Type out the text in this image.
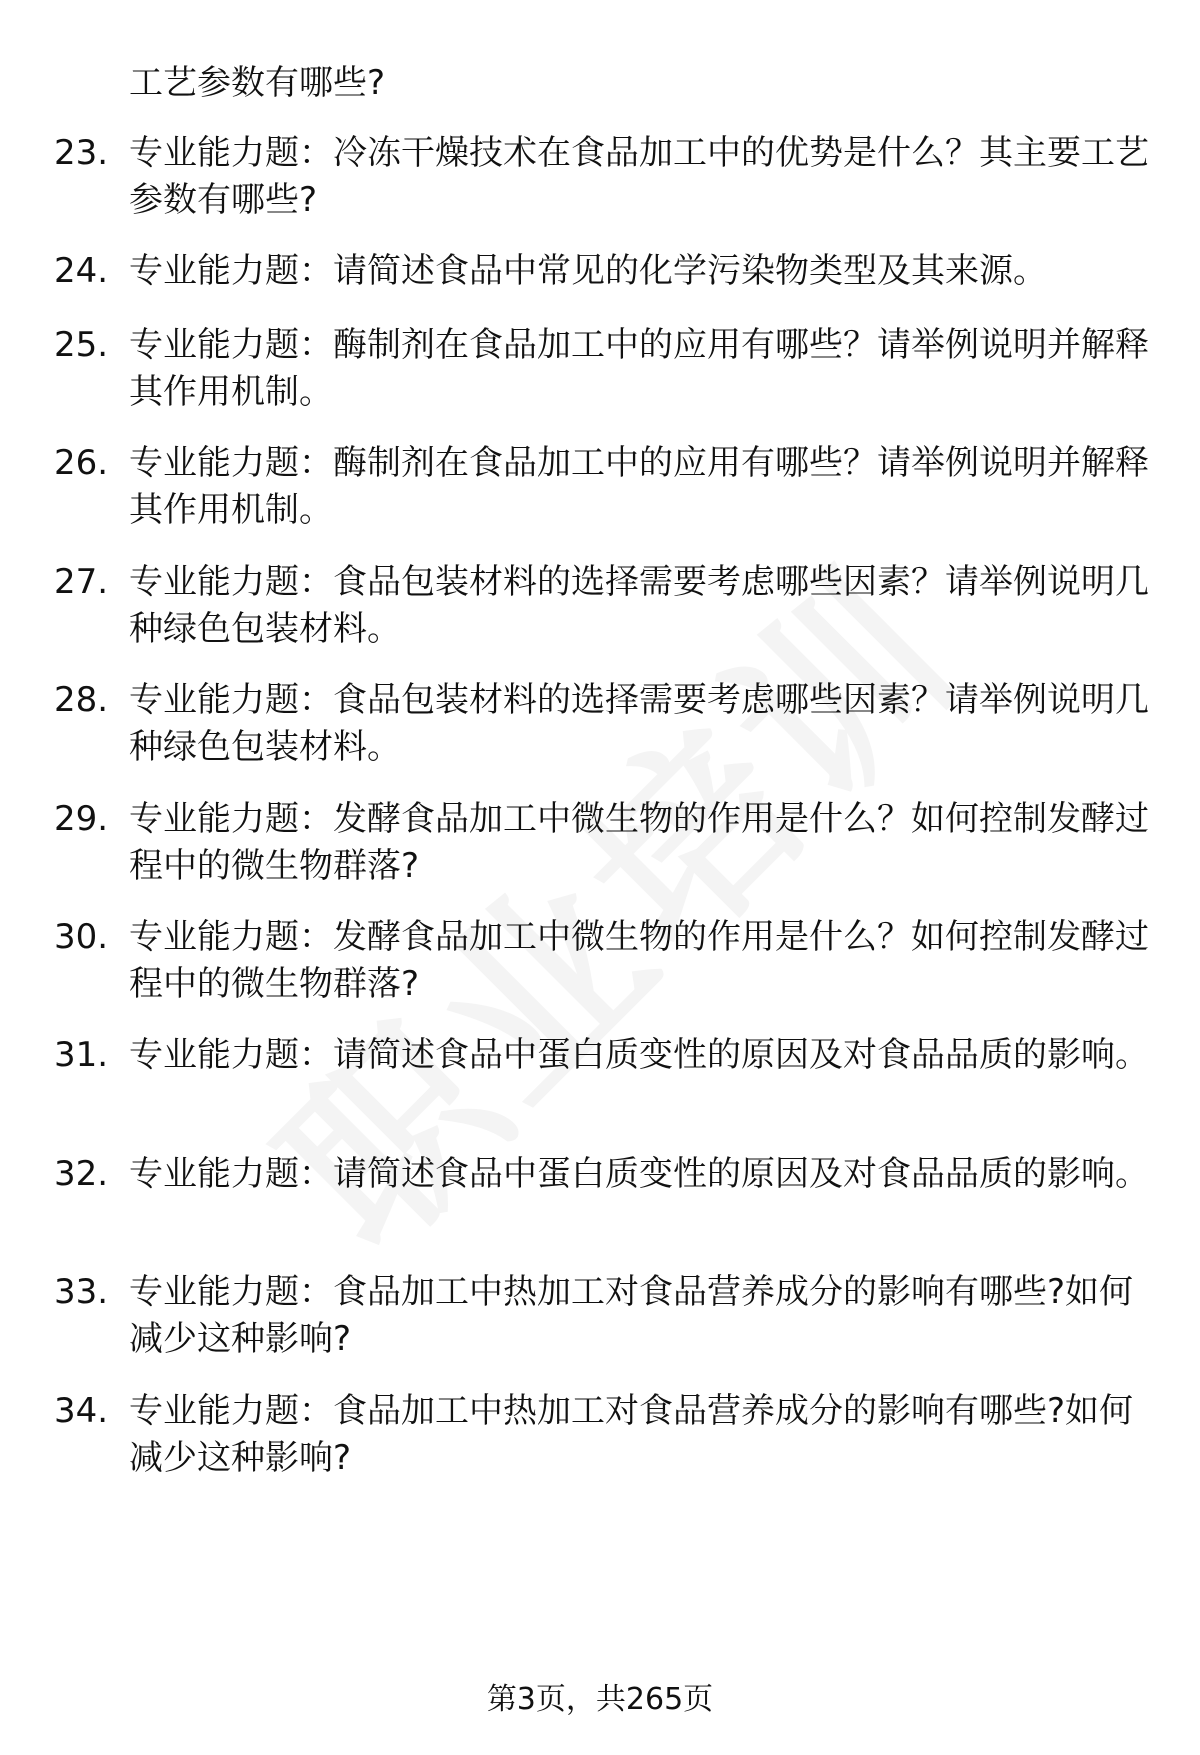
工艺参数有哪些?

23. 专业能力题：冷冻干燥技术在食品加工中的优势是什么？其主要工艺参数有哪些?
24. 专业能力题：请简述食品中常见的化学污染物类型及其来源。
25. 专业能力题：酶制剂在食品加工中的应用有哪些？请举例说明并解释其作用机制。
26. 专业能力题：酶制剂在食品加工中的应用有哪些？请举例说明并解释其作用机制。
27. 专业能力题：食品包装材料的选择需要考虑哪些因素？请举例说明几种绿色包装材料。
28. 专业能力题：食品包装材料的选择需要考虑哪些因素？请举例说明几种绿色包装材料。
29. 专业能力题：发酵食品加工中微生物的作用是什么？如何控制发酵过程中的微生物群落?
30. 专业能力题：发酵食品加工中微生物的作用是什么？如何控制发酵过程中的微生物群落?
31. 专业能力题：请简述食品中蛋白质变性的原因及对食品品质的影响。
32. 专业能力题：请简述食品中蛋白质变性的原因及对食品品质的影响。
33. 专业能力题：食品加工中热加工对食品营养成分的影响有哪些?如何减少这种影响?
34. 专业能力题：食品加工中热加工对食品营养成分的影响有哪些?如何减少这种影响?
第3页，共265页
